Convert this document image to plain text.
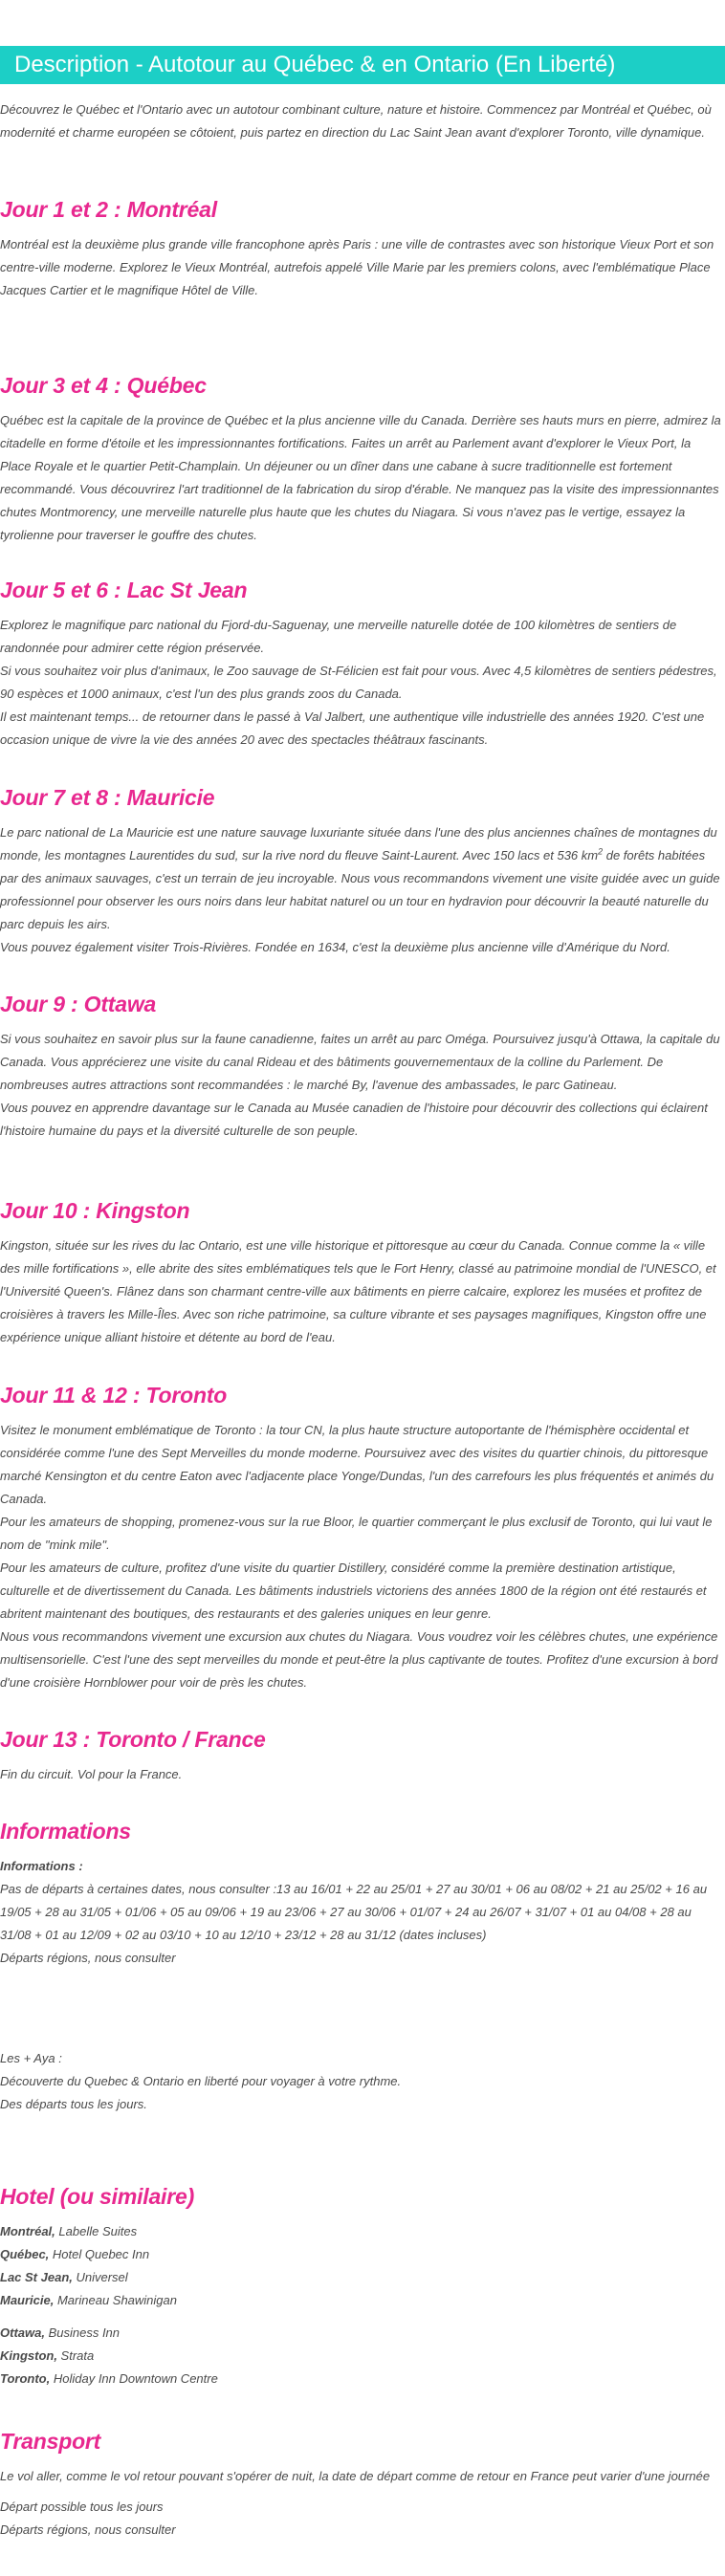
Description - Autotour au Québec & en Ontario (En Liberté)

Découvrez le Québec et l'Ontario avec un autotour combinant culture, nature et histoire. Commencez par Montréal et Québec, où modernité et charme européen se côtoient, puis partez en direction du Lac Saint Jean avant d'explorer Toronto, ville dynamique.

Jour 1 et 2 : Montréal

Montréal est la deuxième plus grande ville francophone après Paris : une ville de contrastes avec son historique Vieux Port et son centre-ville moderne. Explorez le Vieux Montréal, autrefois appelé Ville Marie par les premiers colons, avec l'emblématique Place Jacques Cartier et le magnifique Hôtel de Ville.

Jour 3 et 4 : Québec

Québec est la capitale de la province de Québec et la plus ancienne ville du Canada. Derrière ses hauts murs en pierre, admirez la citadelle en forme d'étoile et les impressionnantes fortifications. Faites un arrêt au Parlement avant d'explorer le Vieux Port, la Place Royale et le quartier Petit-Champlain. Un déjeuner ou un dîner dans une cabane à sucre traditionnelle est fortement recommandé. Vous découvrirez l'art traditionnel de la fabrication du sirop d'érable. Ne manquez pas la visite des impressionnantes chutes Montmorency, une merveille naturelle plus haute que les chutes du Niagara. Si vous n'avez pas le vertige, essayez la tyrolienne pour traverser le gouffre des chutes.

Jour 5 et 6 : Lac St Jean

Explorez le magnifique parc national du Fjord-du-Saguenay, une merveille naturelle dotée de 100 kilomètres de sentiers de randonnée pour admirer cette région préservée.

Si vous souhaitez voir plus d'animaux, le Zoo sauvage de St-Félicien est fait pour vous. Avec 4,5 kilomètres de sentiers pédestres, 90 espèces et 1000 animaux, c'est l'un des plus grands zoos du Canada.

Il est maintenant temps... de retourner dans le passé à Val Jalbert, une authentique ville industrielle des années 1920. C'est une occasion unique de vivre la vie des années 20 avec des spectacles théâtraux fascinants.

Jour 7 et 8 : Mauricie

Le parc national de La Mauricie est une nature sauvage luxuriante située dans l'une des plus anciennes chaînes de montagnes du monde, les montagnes Laurentides du sud, sur la rive nord du fleuve Saint-Laurent. Avec 150 lacs et 536 $km^2$ de forêts habitées par des animaux sauvages, c'est un terrain de jeu incroyable. Nous vous recommandons vivement une visite guidée avec un guide professionnel pour observer les ours noirs dans leur habitat naturel ou un tour en hydravion pour découvrir la beauté naturelle du parc depuis les airs.

Vous pouvez également visiter Trois-Rivières. Fondée en 1634, c'est la deuxième plus ancienne ville d'Amérique du Nord.

Jour 9 : Ottawa

Si vous souhaitez en savoir plus sur la faune canadienne, faites un arrêt au parc Oméga. Poursuivez jusqu'à Ottawa, la capitale du Canada. Vous apprécierez une visite du canal Rideau et des bâtiments gouvernementaux de la colline du Parlement. De nombreuses autres attractions sont recommandées : le marché By, l'avenue des ambassades, le parc Gatineau.

Vous pouvez en apprendre davantage sur le Canada au Musée canadien de l'histoire pour découvrir des collections qui éclairent l'histoire humaine du pays et la diversité culturelle de son peuple.

Jour 10 : Kingston

Kingston, située sur les rives du lac Ontario, est une ville historique et pittoresque au cœur du Canada. Connue comme la « ville des mille fortifications », elle abrite des sites emblématiques tels que le Fort Henry, classé au patrimoine mondial de l'UNESCO, et l'Université Queen's. Flânez dans son charmant centre-ville aux bâtiments en pierre calcaire, explorez les musées et profitez de croisières à travers les Mille-Îles. Avec son riche patrimoine, sa culture vibrante et ses paysages magnifiques, Kingston offre une expérience unique alliant histoire et détente au bord de l'eau.

Jour 11 & 12 : Toronto

Visitez le monument emblématique de Toronto : la tour CN, la plus haute structure autoportante de l'hémisphère occidental et considérée comme l'une des Sept Merveilles du monde moderne. Poursuivez avec des visites du quartier chinois, du pittoresque marché Kensington et du centre Eaton avec l'adjacente place Yonge/Dundas, l'un des carrefours les plus fréquentés et animés du Canada.

Pour les amateurs de shopping, promenez-vous sur la rue Bloor, le quartier commerçant le plus exclusif de Toronto, qui lui vaut le nom de "mink mile".

Pour les amateurs de culture, profitez d'une visite du quartier Distillery, considéré comme la première destination artistique, culturelle et de divertissement du Canada. Les bâtiments industriels victoriens des années 1800 de la région ont été restaurés et abritent maintenant des boutiques, des restaurants et des galeries uniques en leur genre.

Nous vous recommandons vivement une excursion aux chutes du Niagara. Vous voudrez voir les célèbres chutes, une expérience multisensorielle. C'est l'une des sept merveilles du monde et peut-être la plus captivante de toutes. Profitez d'une excursion à bord d'une croisière Hornblower pour voir de près les chutes.

Jour 13 : Toronto / France

Fin du circuit. Vol pour la France.

Informations

Informations :

Pas de départs à certaines dates, nous consulter :13 au 16/01 + 22 au 25/01 + 27 au 30/01 + 06 au 08/02 + 21 au 25/02 + 16 au 19/05 + 28 au 31/05 + 01/06 + 05 au 09/06 + 19 au 23/06 + 27 au 30/06 + 01/07 + 24 au 26/07 + 31/07 + 01 au 04/08 + 28 au 31/08 + 01 au 12/09 + 02 au 03/10 + 10 au 12/10 + 23/12 + 28 au 31/12 (dates incluses)

Départs régions, nous consulter

Les + Aya :

Découverte du Quebec & Ontario en liberté pour voyager à votre rythme.

Des départs tous les jours.

Hotel (ou similaire)

Montréal, Labelle Suites

Québec, Hotel Quebec Inn

Lac St Jean, Universel

Mauricie, Marineau Shawinigan

Ottawa, Business Inn

Kingston, Strata

Toronto, Holiday Inn Downtown Centre

Transport

Le vol aller, comme le vol retour pouvant s'opérer de nuit, la date de départ comme de retour en France peut varier d'une journée

Départ possible tous les jours

Départs régions, nous consulter
